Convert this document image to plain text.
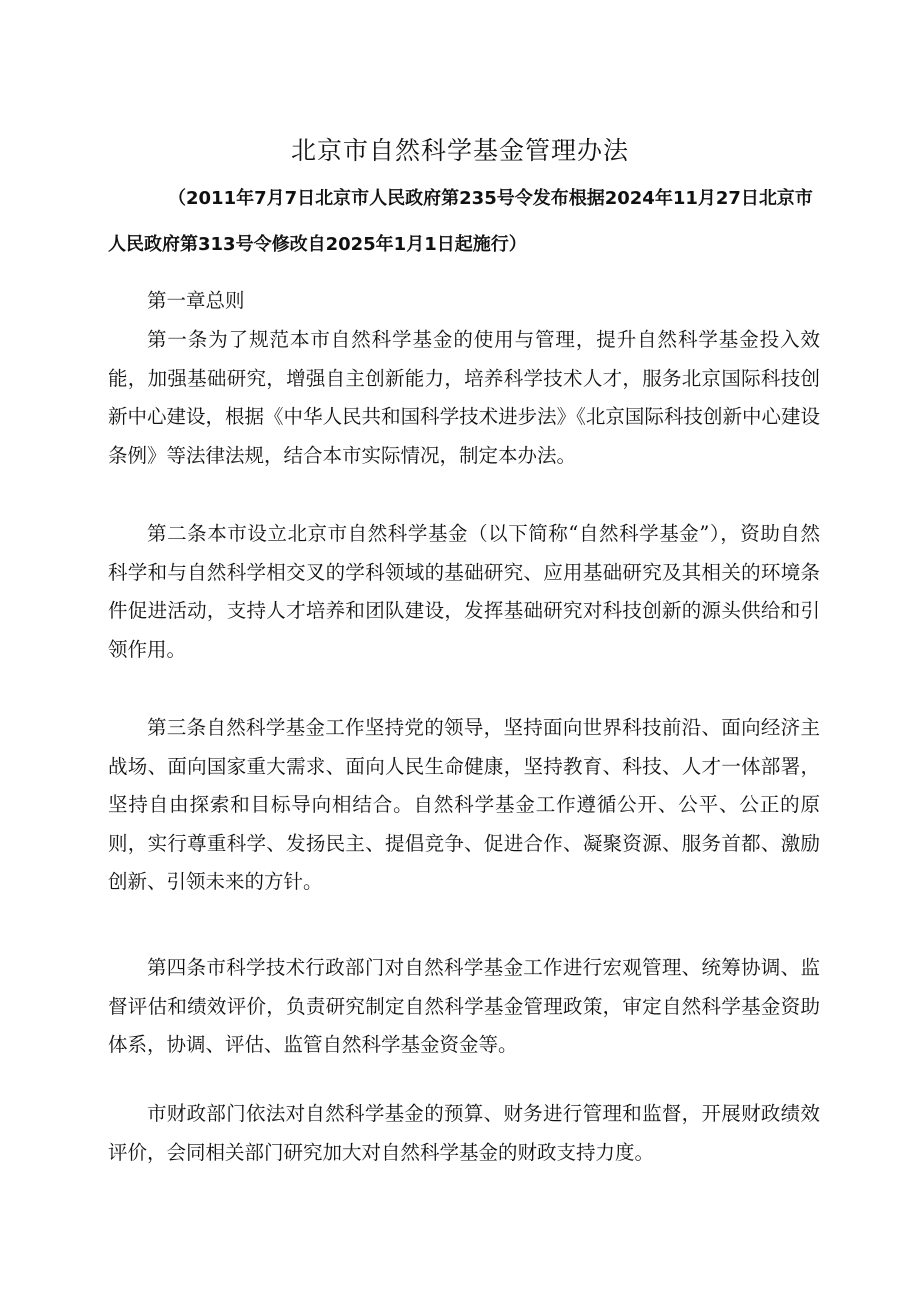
北京市自然科学基金管理办法
（2011年7月7日北京市人民政府第235号令发布根据2024年11月27日北京市
人民政府第313号令修改自2025年1月1日起施行）

第一章总则

第一条为了规范本市自然科学基金的使用与管理，提升自然科学基金投入效能，加强基础研究，增强自主创新能力，培养科学技术人才，服务北京国际科技创新中心建设，根据《中华人民共和国科学技术进步法》《北京国际科技创新中心建设条例》等法律法规，结合本市实际情况，制定本办法。

第二条本市设立北京市自然科学基金（以下简称“自然科学基金”），资助自然科学和与自然科学相交叉的学科领域的基础研究、应用基础研究及其相关的环境条件促进活动，支持人才培养和团队建设，发挥基础研究对科技创新的源头供给和引领作用。

第三条自然科学基金工作坚持党的领导，坚持面向世界科技前沿、面向经济主战场、面向国家重大需求、面向人民生命健康，坚持教育、科技、人才一体部署，坚持自由探索和目标导向相结合。自然科学基金工作遵循公开、公平、公正的原则，实行尊重科学、发扬民主、提倡竞争、促进合作、凝聚资源、服务首都、激励创新、引领未来的方针。

第四条市科学技术行政部门对自然科学基金工作进行宏观管理、统筹协调、监督评估和绩效评价，负责研究制定自然科学基金管理政策，审定自然科学基金资助体系，协调、评估、监管自然科学基金资金等。

市财政部门依法对自然科学基金的预算、财务进行管理和监督，开展财政绩效评价，会同相关部门研究加大对自然科学基金的财政支持力度。
